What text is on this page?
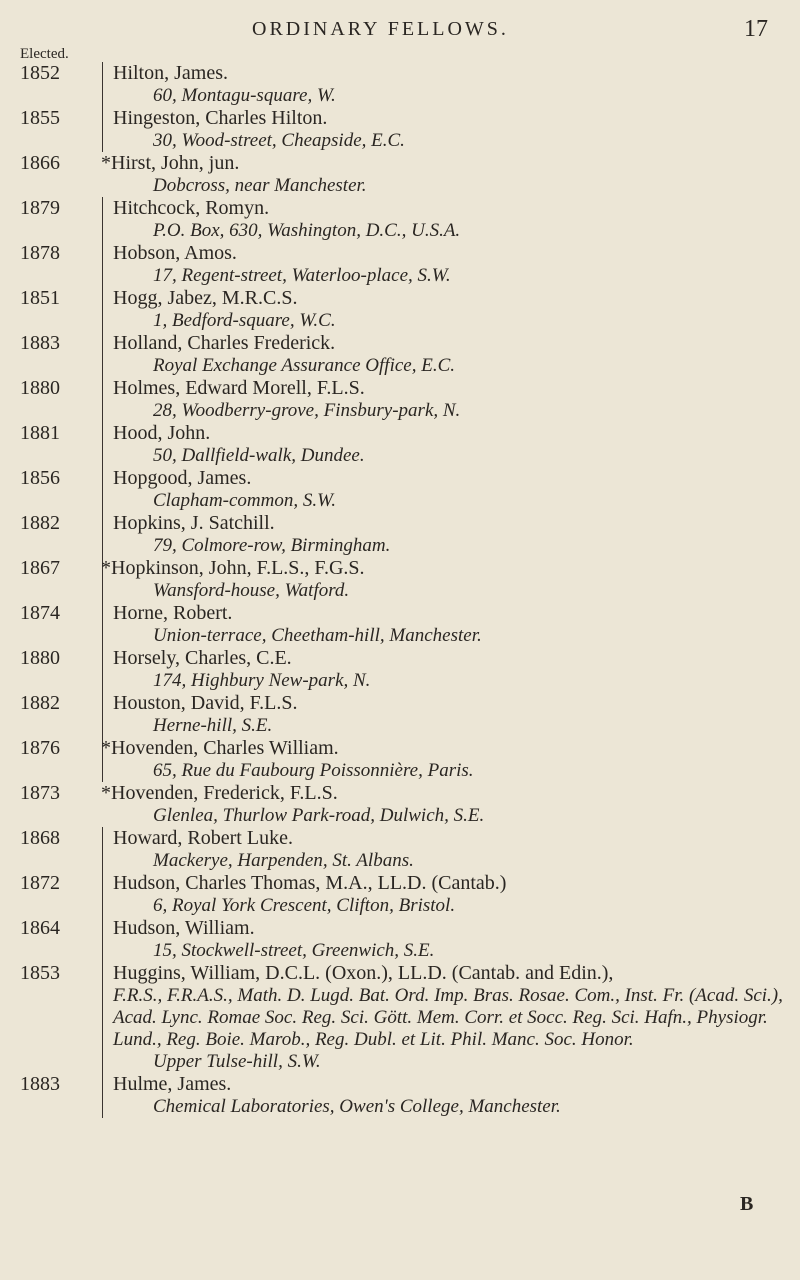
ORDINARY FELLOWS.	17
Elected.
1852	Hilton, James.

60, Montagu-square, W.

1855	Hingeston, Charles Hilton.

30, Wood-street, Cheapside, E.C.

1866	*Hirst, John, jun.

Dobcross, near Manchester.

1879	Hitchcock, Romyn.

P.O. Box, 630, Washington, D.C., U.S.A.

1878	Hobson, Amos.

17, Regent-street, Waterloo-place, S.W.

1851	Hogg, Jabez, M.R.C.S.

1, Bedford-square, W.C.

1883	Holland, Charles Frederick.

Royal Exchange Assurance Office, E.C.

1880	Holmes, Edward Morell, F.L.S.

28, Woodberry-grove, Finsbury-park, N.

1881	Hood, John.

50, Dallfield-walk, Dundee.

1856	Hopgood, James.

Clapham-common, S.W.

1882	Hopkins, J. Satchill.

79, Colmore-row, Birmingham.

1867	*Hopkinson, John, F.L.S., F.G.S.

Wansford-house, Watford.

1874	Horne, Robert.

Union-terrace, Cheetham-hill, Manchester.

1880	Horsely, Charles, C.E.

174, Highbury New-park, N.

1882	Houston, David, F.L.S.

Herne-hill, S.E.

1876	*Hovenden, Charles William.

65, Rue du Faubourg Poissonnière, Paris.

1873	*Hovenden, Frederick, F.L.S.

Glenlea, Thurlow Park-road, Dulwich, S.E.

1868	Howard, Robert Luke.

Mackerye, Harpenden, St. Albans.

1872	Hudson, Charles Thomas, M.A., LL.D. (Cantab.)

6, Royal York Crescent, Clifton, Bristol.

1864	Hudson, William.

15, Stockwell-street, Greenwich, S.E.

1853	Huggins, William, D.C.L. (Oxon.), LL.D. (Cantab. and Edin.),

F.R.S., F.R.A.S., Math. D. Lugd. Bat. Ord. Imp. Bras. Rosae. Com., Inst. Fr. (Acad. Sci.), Acad. Lync. Romae Soc. Reg. Sci. Gött. Mem. Corr. et Socc. Reg. Sci. Hafn., Physiogr. Lund., Reg. Boie. Marob., Reg. Dubl. et Lit. Phil. Manc. Soc. Honor.

Upper Tulse-hill, S.W.

1883	Hulme, James.

Chemical Laboratories, Owen's College, Manchester.

B
